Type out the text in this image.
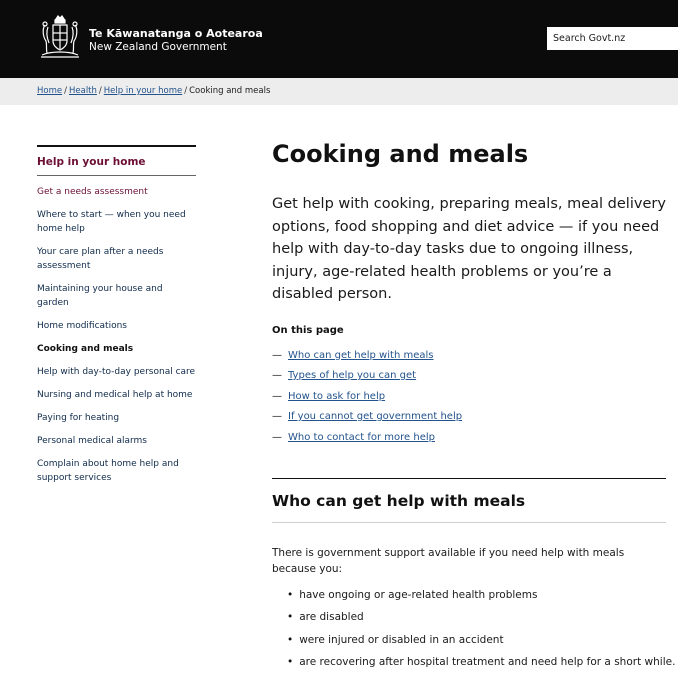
Te Kāwanatanga o Aotearoa
New Zealand Government
Search Govt.nz
Home / Health / Help in your home / Cooking and meals
Help in your home
Get a needs assessment
Where to start — when you need home help
Your care plan after a needs assessment
Maintaining your house and garden
Home modifications
Cooking and meals
Help with day-to-day personal care
Nursing and medical help at home
Paying for heating
Personal medical alarms
Complain about home help and support services
Cooking and meals

Get help with cooking, preparing meals, meal delivery options, food shopping and diet advice — if you need help with day-to-day tasks due to ongoing illness, injury, age-related health problems or you’re a disabled person.

On this page
— Who can get help with meals
— Types of help you can get
— How to ask for help
— If you cannot get government help
— Who to contact for more help
Who can get help with meals

There is government support available if you need help with meals because you:

• have ongoing or age-related health problems
• are disabled
• were injured or disabled in an accident
• are recovering after hospital treatment and need help for a short while.
